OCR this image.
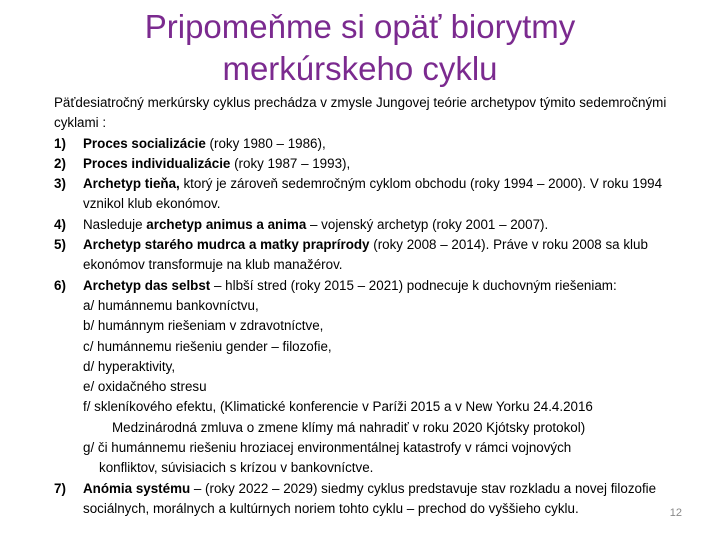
Pripomeňme si opäť biorytmy
merkúrskeho cyklu

Päťdesiatročný merkúrsky cyklus prechádza v zmysle Jungovej teórie archetypov týmito sedemročnými cyklami :

1) Proces socializácie (roky 1980 – 1986),
2) Proces individualizácie (roky 1987 – 1993),
3) Archetyp tieňa, ktorý je zároveň sedemročným cyklom obchodu (roky 1994 – 2000). V roku 1994 vznikol klub ekonómov.
4) Nasleduje archetyp animus a anima – vojenský archetyp (roky 2001 – 2007).
5) Archetyp starého mudrca a matky praprírody (roky 2008 – 2014). Práve v roku 2008 sa klub ekonómov transformuje na klub manažérov.
6) Archetyp das selbst – hlbší stred (roky 2015 – 2021) podnecuje k duchovným riešeniam:
a/ humánnemu bankovníctvu,
b/ humánnym riešeniam v zdravotníctve,
c/ humánnemu riešeniu gender – filozofie,
d/ hyperaktivity,
e/ oxidačného stresu
f/ skleníkového efektu, (Klimatické konferencie v Paríži 2015 a v New Yorku 24.4.2016
Medzinárodná zmluva o zmene klímy má nahradiť v roku 2020 Kjótsky protokol)
g/ či humánnemu riešeniu hroziacej environmentálnej katastrofy v rámci vojnových
konfliktov, súvisiacich s krízou v bankovníctve.
7) Anómia systému – (roky 2022 – 2029) siedmy cyklus predstavuje stav rozkladu a novej filozofie sociálnych, morálnych a kultúrnych noriem tohto cyklu – prechod do vyššieho cyklu.	12
